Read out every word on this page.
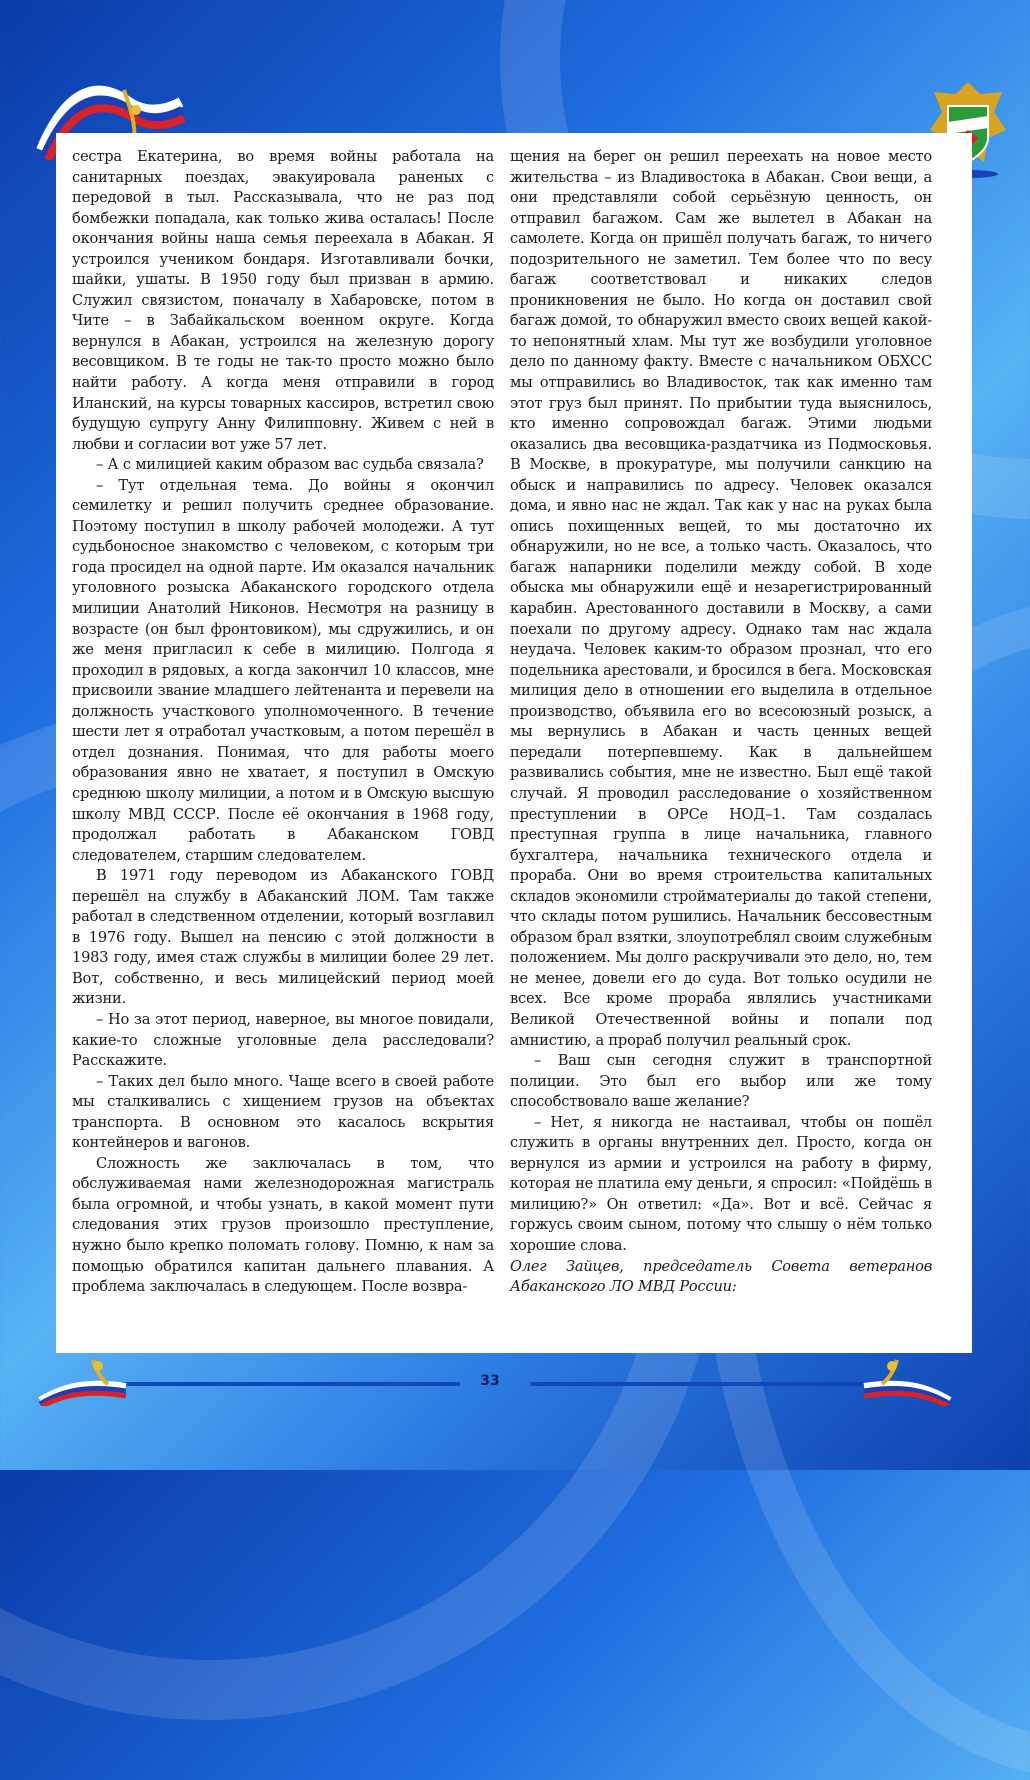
сестра Екатерина, во время войны работала на санитарных поездах, эвакуировала раненых с передовой в тыл. Рассказывала, что не раз под бомбежки попадала, как только жива осталась! После окончания войны наша семья переехала в Абакан. Я устроился учеником бондаря. Изготавливали бочки, шайки, ушаты. В 1950 году был призван в армию. Служил связистом, поначалу в Хабаровске, потом в Чите – в Забайкальском военном округе. Когда вернулся в Абакан, устроился на железную дорогу весовщиком. В те годы не так-то просто можно было найти работу. А когда меня отправили в город Иланский, на курсы товарных кассиров, встретил свою будущую супругу Анну Филипповну. Живем с ней в любви и согласии вот уже 57 лет.

– А с милицией каким образом вас судьба связала?

– Тут отдельная тема. До войны я окончил семилетку и решил получить среднее образование. Поэтому поступил в школу рабочей молодежи. А тут судьбоносное знакомство с человеком, с которым три года просидел на одной парте. Им оказался начальник уголовного розыска Абаканского городского отдела милиции Анатолий Никонов. Несмотря на разницу в возрасте (он был фронтовиком), мы сдружились, и он же меня пригласил к себе в милицию. Полгода я проходил в рядовых, а когда закончил 10 классов, мне присвоили звание младшего лейтенанта и перевели на должность участкового уполномоченного. В течение шести лет я отработал участковым, а потом перешёл в отдел дознания. Понимая, что для работы моего образования явно не хватает, я поступил в Омскую среднюю школу милиции, а потом и в Омскую высшую школу МВД СССР. После её окончания в 1968 году, продолжал работать в Абаканском ГОВД следователем, старшим следователем.

В 1971 году переводом из Абаканского ГОВД перешёл на службу в Абаканский ЛОМ. Там также работал в следственном отделении, который возглавил в 1976 году. Вышел на пенсию с этой должности в 1983 году, имея стаж службы в милиции более 29 лет. Вот, собственно, и весь милицейский период моей жизни.

– Но за этот период, наверное, вы многое повидали, какие-то сложные уголовные дела расследовали? Расскажите.

– Таких дел было много. Чаще всего в своей работе мы сталкивались с хищением грузов на объектах транспорта. В основном это касалось вскрытия контейнеров и вагонов.

Сложность же заключалась в том, что обслуживаемая нами железнодорожная магистраль была огромной, и чтобы узнать, в какой момент пути следования этих грузов произошло преступление, нужно было крепко поломать голову. Помню, к нам за помощью обратился капитан дальнего плавания. А проблема заключалась в следующем. После возвра-

щения на берег он решил переехать на новое место жительства – из Владивостока в Абакан. Свои вещи, а они представляли собой серьёзную ценность, он отправил багажом. Сам же вылетел в Абакан на самолете. Когда он пришёл получать багаж, то ничего подозрительного не заметил. Тем более что по весу багаж соответствовал и никаких следов проникновения не было. Но когда он доставил свой багаж домой, то обнаружил вместо своих вещей какой-то непонятный хлам. Мы тут же возбудили уголовное дело по данному факту. Вместе с начальником ОБХСС мы отправились во Владивосток, так как именно там этот груз был принят. По прибытии туда выяснилось, кто именно сопровождал багаж. Этими людьми оказались два весовщика-раздатчика из Подмосковья. В Москве, в прокуратуре, мы получили санкцию на обыск и направились по адресу. Человек оказался дома, и явно нас не ждал. Так как у нас на руках была опись похищенных вещей, то мы достаточно их обнаружили, но не все, а только часть. Оказалось, что багаж напарники поделили между собой. В ходе обыска мы обнаружили ещё и незарегистрированный карабин. Арестованного доставили в Москву, а сами поехали по другому адресу. Однако там нас ждала неудача. Человек каким-то образом прознал, что его подельника арестовали, и бросился в бега. Московская милиция дело в отношении его выделила в отдельное производство, объявила его во всесоюзный розыск, а мы вернулись в Абакан и часть ценных вещей передали потерпевшему. Как в дальнейшем развивались события, мне не известно. Был ещё такой случай. Я проводил расследование о хозяйственном преступлении в ОРСе НОД–1. Там создалась преступная группа в лице начальника, главного бухгалтера, начальника технического отдела и прораба. Они во время строительства капитальных складов экономили стройматериалы до такой степени, что склады потом рушились. Начальник бессовестным образом брал взятки, злоупотреблял своим служебным положением. Мы долго раскручивали это дело, но, тем не менее, довели его до суда. Вот только осудили не всех. Все кроме прораба являлись участниками Великой Отечественной войны и попали под амнистию, а прораб получил реальный срок.

– Ваш сын сегодня служит в транспортной полиции. Это был его выбор или же тому способствовало ваше желание?

– Нет, я никогда не настаивал, чтобы он пошёл служить в органы внутренних дел. Просто, когда он вернулся из армии и устроился на работу в фирму, которая не платила ему деньги, я спросил: «Пойдёшь в милицию?» Он ответил: «Да». Вот и всё. Сейчас я горжусь своим сыном, потому что слышу о нём только хорошие слова.

Олег Зайцев, председатель Совета ветеранов Абаканского ЛО МВД России:

33
